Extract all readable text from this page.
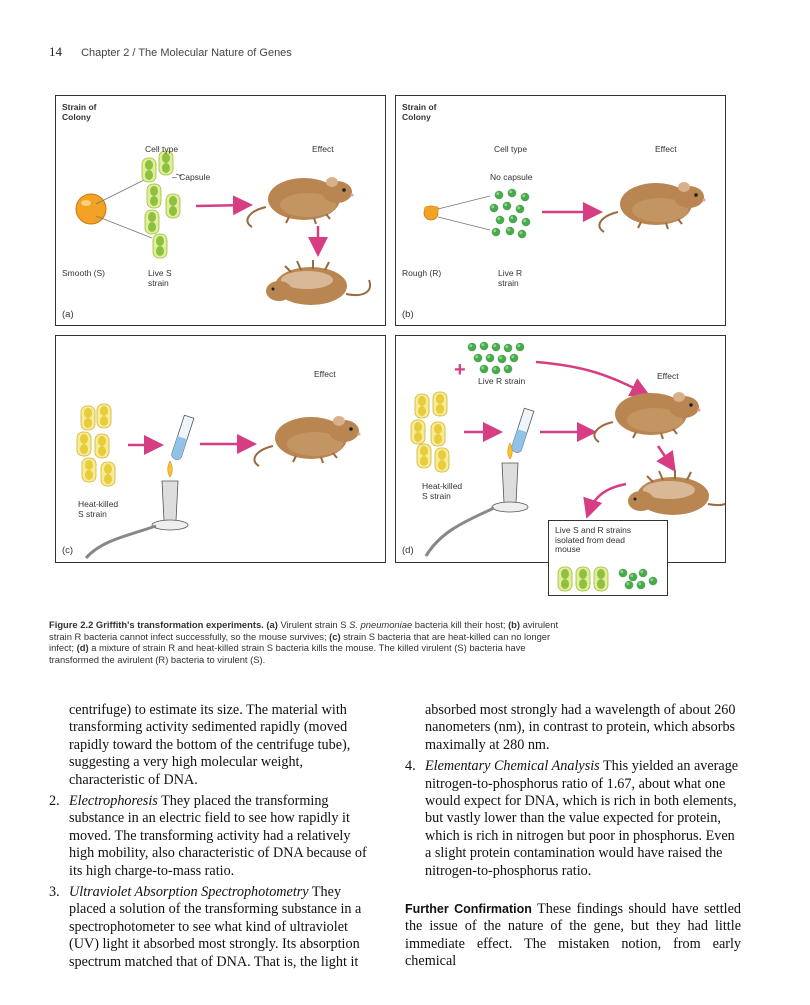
14 Chapter 2 / The Molecular Nature of Genes
Strain of
Colony
Cell type	Effect
– Capsule
Smooth (S)	Live S
strain
(a)
Strain of
Colony
Cell type	Effect
No capsule
Rough (R)	Live R
strain
(b)
Effect
Heat-killed
S strain
(c)
+ Live R strain	Effect
Heat-killed
S strain
(d)
Live S and R strains
isolated from dead
mouse
Figure 2.2 Griffith's transformation experiments. (a) Virulent strain S S. pneumoniae bacteria kill their host; (b) avirulent strain R bacteria cannot infect successfully, so the mouse survives; (c) strain S bacteria that are heat-killed can no longer infect; (d) a mixture of strain R and heat-killed strain S bacteria kills the mouse. The killed virulent (S) bacteria have transformed the avirulent (R) bacteria to virulent (S).

centrifuge) to estimate its size. The material with transforming activity sedimented rapidly (moved rapidly toward the bottom of the centrifuge tube), suggesting a very high molecular weight, characteristic of DNA.

2. Electrophoresis They placed the transforming substance in an electric field to see how rapidly it moved. The transforming activity had a relatively high mobility, also characteristic of DNA because of its high charge-to-mass ratio.

3. Ultraviolet Absorption Spectrophotometry They placed a solution of the transforming substance in a spectrophotometer to see what kind of ultraviolet (UV) light it absorbed most strongly. Its absorption spectrum matched that of DNA. That is, the light it

absorbed most strongly had a wavelength of about 260 nanometers (nm), in contrast to protein, which absorbs maximally at 280 nm.

4. Elementary Chemical Analysis This yielded an average nitrogen-to-phosphorus ratio of 1.67, about what one would expect for DNA, which is rich in both elements, but vastly lower than the value expected for protein, which is rich in nitrogen but poor in phosphorus. Even a slight protein contamination would have raised the nitrogen-to-phosphorus ratio.

Further Confirmation These findings should have settled the issue of the nature of the gene, but they had little immediate effect. The mistaken notion, from early chemical
